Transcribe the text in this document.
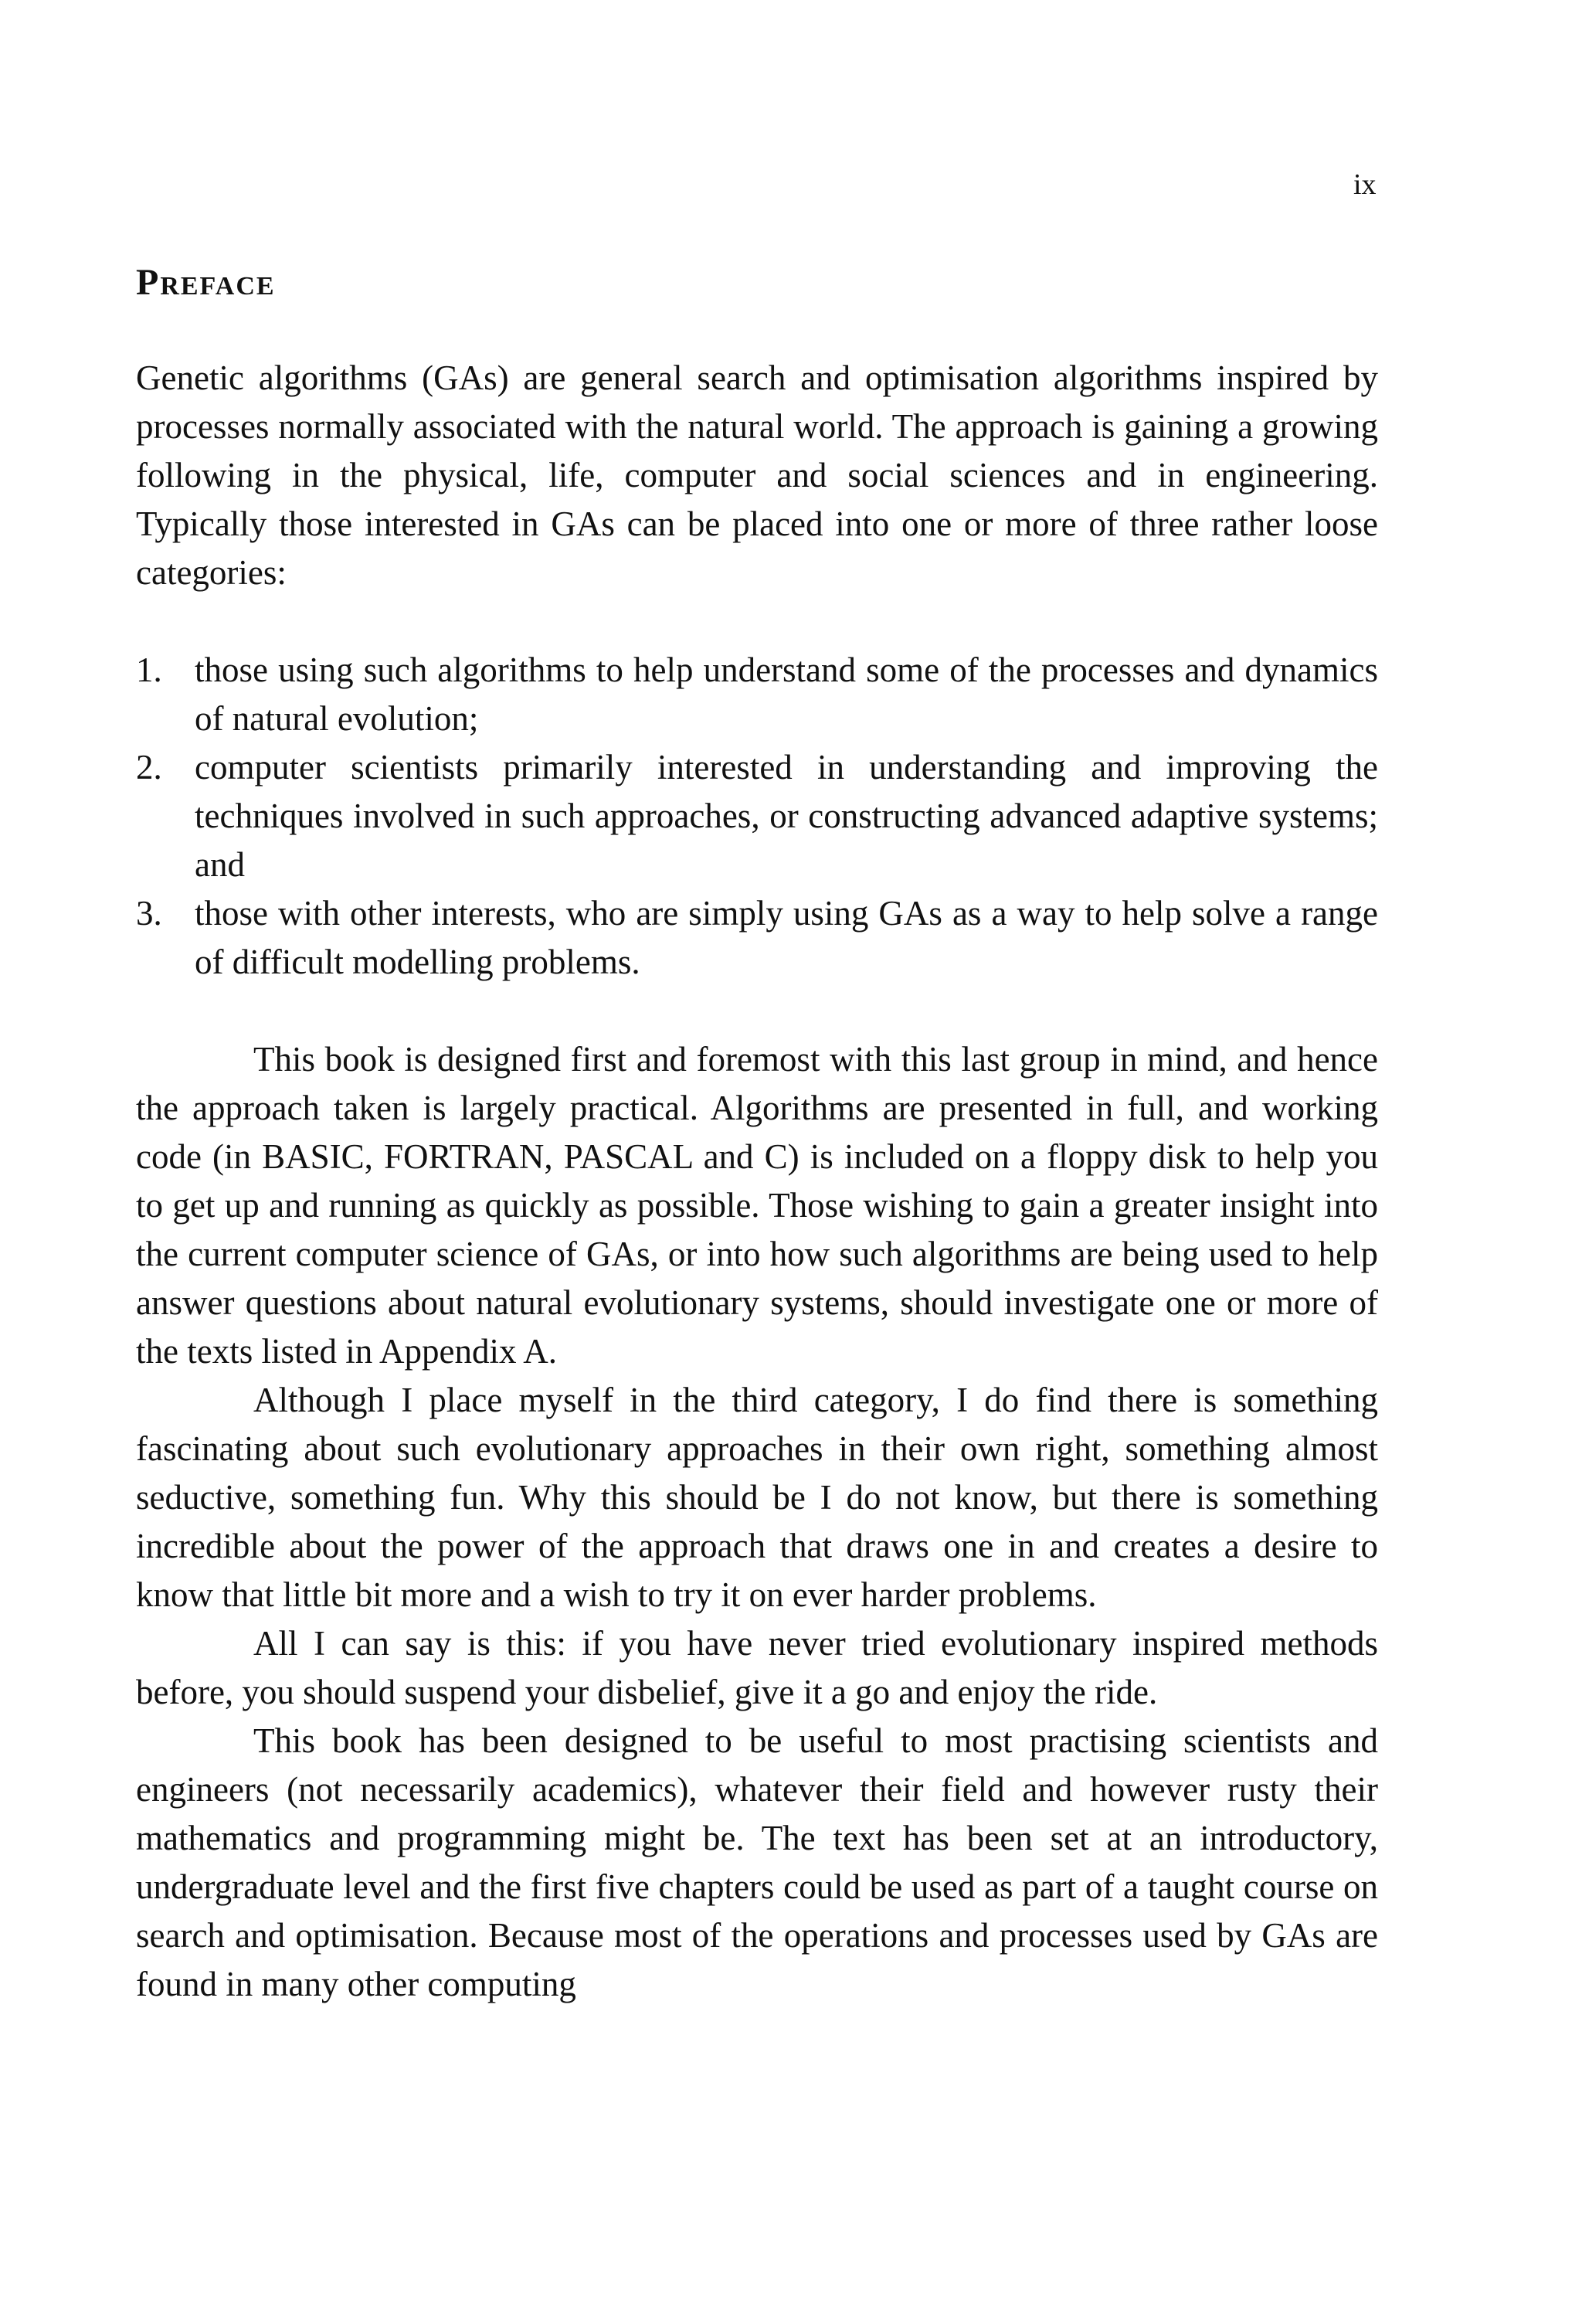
ix
Preface

Genetic algorithms (GAs) are general search and optimisation algorithms inspired by processes normally associated with the natural world. The approach is gaining a growing following in the physical, life, computer and social sciences and in engineering. Typically those interested in GAs can be placed into one or more of three rather loose categories:

1. those using such algorithms to help understand some of the processes and dynamics of natural evolution;
2. computer scientists primarily interested in understanding and improving the techniques involved in such approaches, or constructing advanced adaptive systems; and
3. those with other interests, who are simply using GAs as a way to help solve a range of difficult modelling problems.

This book is designed first and foremost with this last group in mind, and hence the approach taken is largely practical. Algorithms are presented in full, and working code (in BASIC, FORTRAN, PASCAL and C) is included on a floppy disk to help you to get up and running as quickly as possible. Those wishing to gain a greater insight into the current computer science of GAs, or into how such algorithms are being used to help answer questions about natural evolutionary systems, should investigate one or more of the texts listed in Appendix A.

Although I place myself in the third category, I do find there is something fascinating about such evolutionary approaches in their own right, something almost seductive, something fun. Why this should be I do not know, but there is something incredible about the power of the approach that draws one in and creates a desire to know that little bit more and a wish to try it on ever harder problems.

All I can say is this: if you have never tried evolutionary inspired methods before, you should suspend your disbelief, give it a go and enjoy the ride.

This book has been designed to be useful to most practising scientists and engineers (not necessarily academics), whatever their field and however rusty their mathematics and programming might be. The text has been set at an introductory, undergraduate level and the first five chapters could be used as part of a taught course on search and optimisation. Because most of the operations and processes used by GAs are found in many other computing
